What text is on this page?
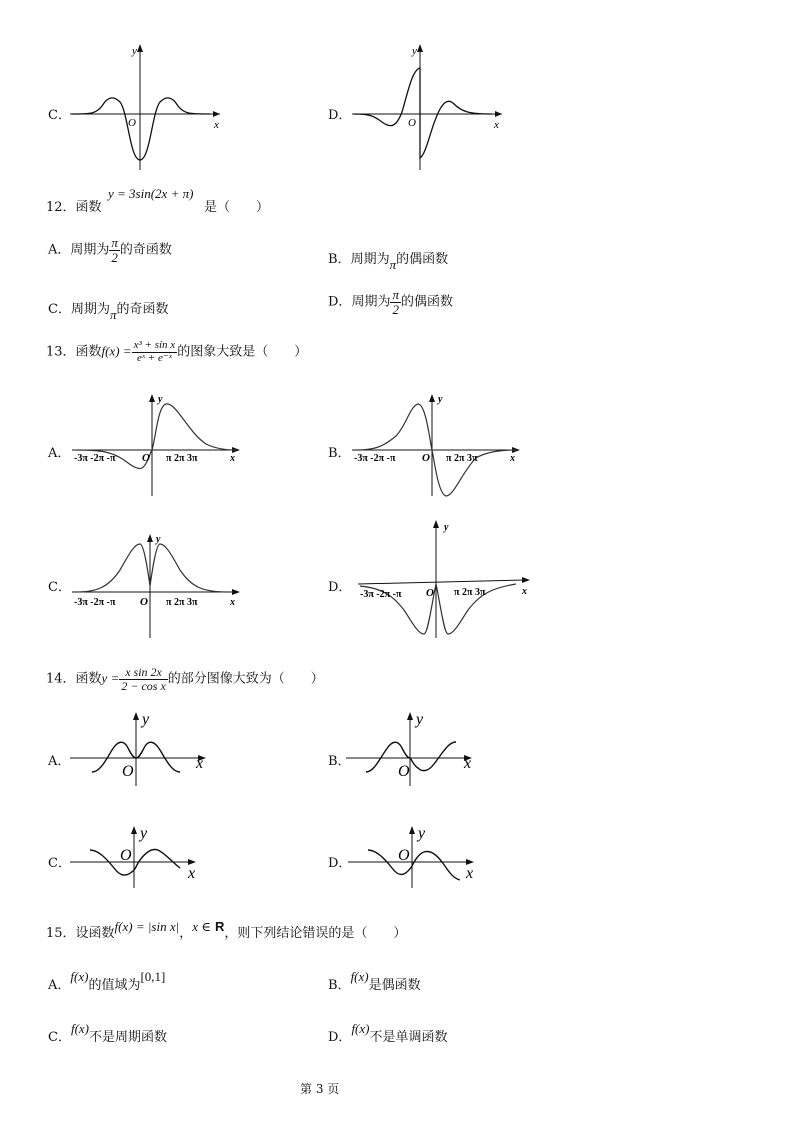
C．
y
x
O	D．
y
x
O
12．函数
y = 3sin(2x + π)
是（　　）
A．周期为 $\frac{\pi}{2}$ 的奇函数
B．周期为π的偶函数
C．周期为π的奇函数	D．周期为 $\frac{\pi}{2}$ 的偶函数
13．函数$f(x) = \frac{\text{x³ + sin x}}{\text{eˣ + e⁻ˣ}}$ 的图象大致是（　　）
A． -3π -2π -π	π 2π 3π
O
y
x	B． -3π -2π -π	π 2π 3π
O
y
x
C．
-3π -2π -π	π 2π 3π
O
y
x
D． -3π -2π -π	π 2π 3π
O
y
x
14．函数$y = \frac{\text{x sin 2x}}{\text{2 − cos x}}$ 的部分图像大致为（　　）
A．
y
x
O
B．
y
x
O
C．
y
x
O	D．
y
x
O
15．设函数f(x) = |sin x|，x ∈ R，则下列结论错误的是（　　）
A．f(x)的值域为[0,1]
B．f(x)是偶函数
C．f(x)不是周期函数	D．f(x)不是单调函数
第 3 页
